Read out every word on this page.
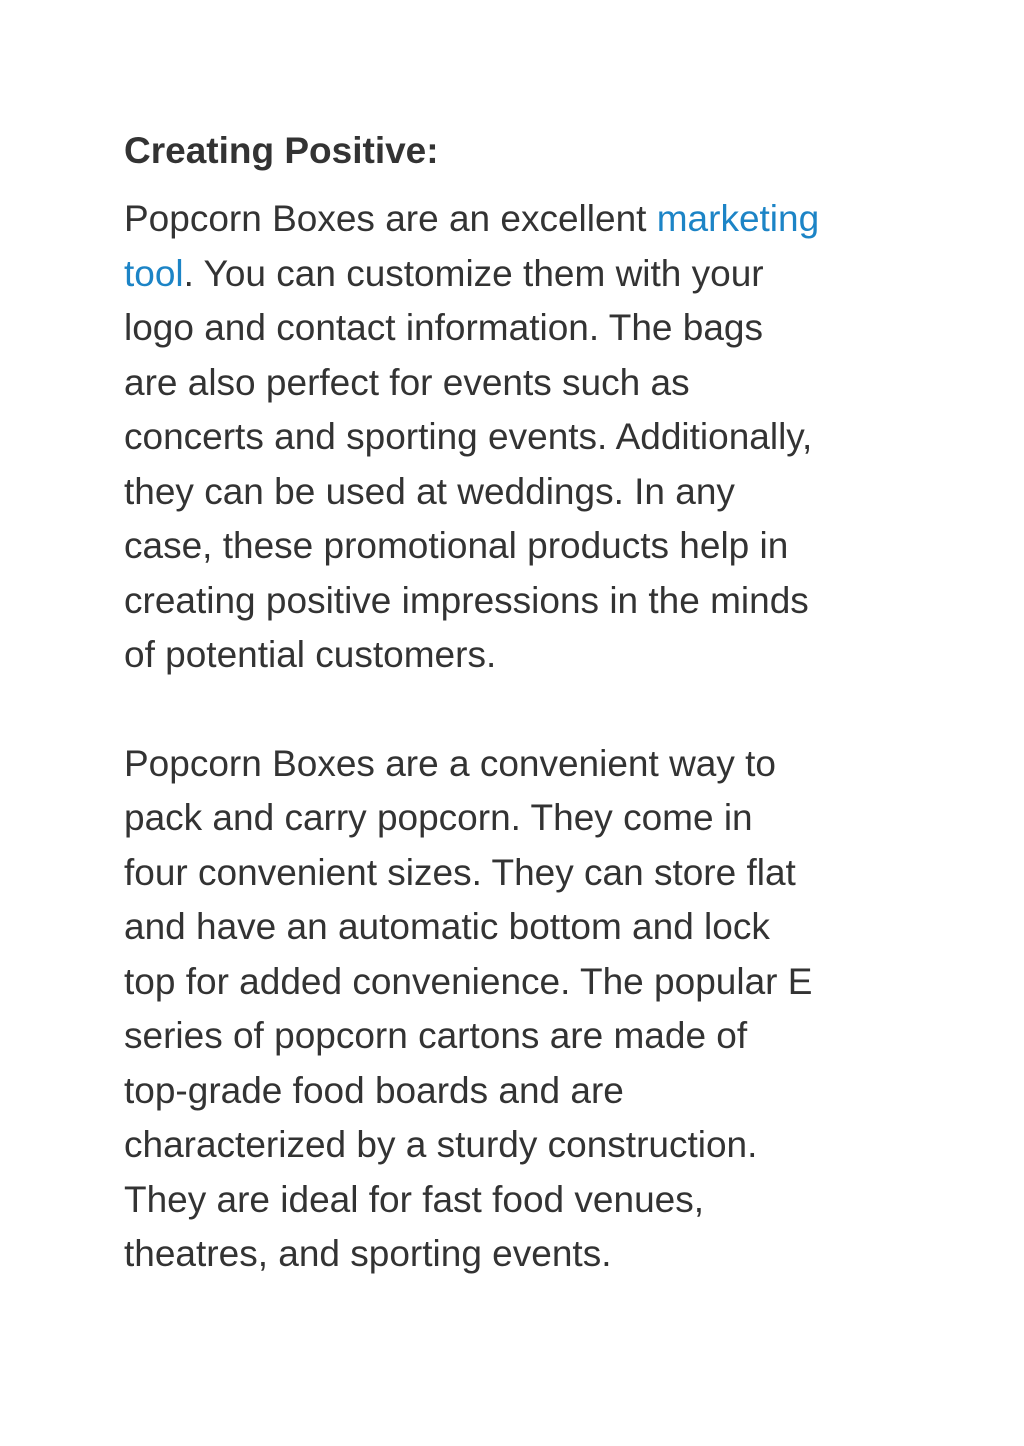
Creating Positive:

Popcorn Boxes are an excellent marketing
tool. You can customize them with your
logo and contact information. The bags
are also perfect for events such as
concerts and sporting events. Additionally,
they can be used at weddings. In any
case, these promotional products help in
creating positive impressions in the minds
of potential customers.

Popcorn Boxes are a convenient way to
pack and carry popcorn. They come in
four convenient sizes. They can store flat
and have an automatic bottom and lock
top for added convenience. The popular E
series of popcorn cartons are made of
top-grade food boards and are
characterized by a sturdy construction.
They are ideal for fast food venues,
theatres, and sporting events.
